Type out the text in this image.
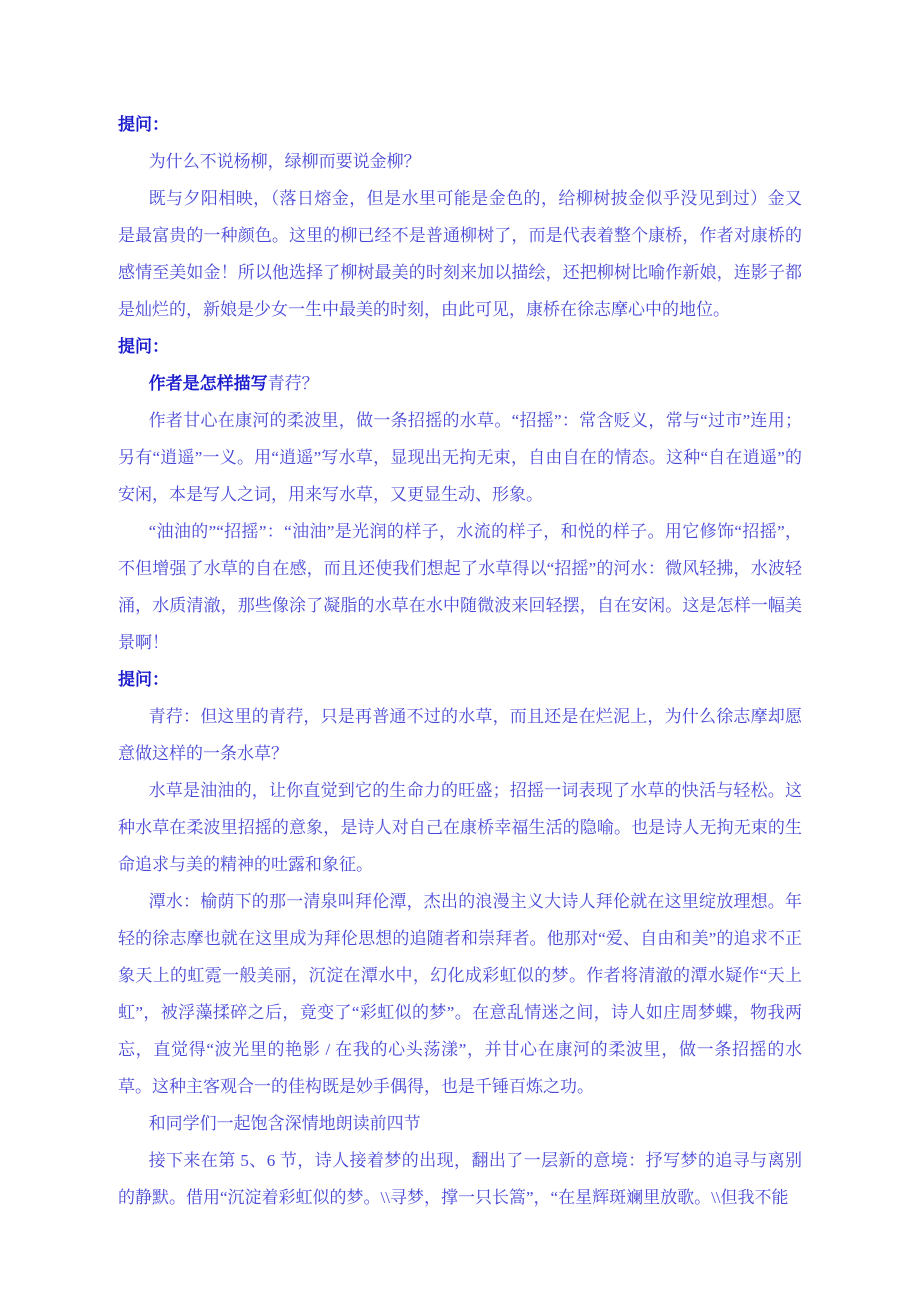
提问：

为什么不说杨柳，绿柳而要说金柳？

既与夕阳相映，（落日熔金，但是水里可能是金色的，给柳树披金似乎没见到过）金又是最富贵的一种颜色。这里的柳已经不是普通柳树了，而是代表着整个康桥，作者对康桥的感情至美如金！所以他选择了柳树最美的时刻来加以描绘，还把柳树比喻作新娘，连影子都是灿烂的，新娘是少女一生中最美的时刻，由此可见，康桥在徐志摩心中的地位。

提问：

作者是怎样描写青荇？

作者甘心在康河的柔波里，做一条招摇的水草。“招摇”：常含贬义，常与“过市”连用；另有“逍遥”一义。用“逍遥”写水草，显现出无拘无束，自由自在的情态。这种“自在逍遥”的安闲，本是写人之词，用来写水草，又更显生动、形象。

“油油的”“招摇”：“油油”是光润的样子，水流的样子，和悦的样子。用它修饰“招摇”，不但增强了水草的自在感，而且还使我们想起了水草得以“招摇”的河水：微风轻拂，水波轻涌，水质清澈，那些像涂了凝脂的水草在水中随微波来回轻摆，自在安闲。这是怎样一幅美景啊！

提问：

青荇：但这里的青荇，只是再普通不过的水草，而且还是在烂泥上，为什么徐志摩却愿意做这样的一条水草？

水草是油油的，让你直觉到它的生命力的旺盛；招摇一词表现了水草的快活与轻松。这种水草在柔波里招摇的意象，是诗人对自己在康桥幸福生活的隐喻。也是诗人无拘无束的生命追求与美的精神的吐露和象征。

潭水：榆荫下的那一清泉叫拜伦潭，杰出的浪漫主义大诗人拜伦就在这里绽放理想。年轻的徐志摩也就在这里成为拜伦思想的追随者和崇拜者。他那对“爱、自由和美”的追求不正象天上的虹霓一般美丽，沉淀在潭水中，幻化成彩虹似的梦。作者将清澈的潭水疑作“天上虹”，被浮藻揉碎之后，竟变了“彩虹似的梦”。在意乱情迷之间，诗人如庄周梦蝶，物我两忘，直觉得“波光里的艳影 / 在我的心头荡漾”，并甘心在康河的柔波里，做一条招摇的水草。这种主客观合一的佳构既是妙手偶得，也是千锤百炼之功。

和同学们一起饱含深情地朗读前四节

接下来在第 5、6 节，诗人接着梦的出现，翻出了一层新的意境：抒写梦的追寻与离别的静默。借用“沉淀着彩虹似的梦。\\寻梦，撑一只长篙”，“在星辉斑斓里放歌。\\但我不能
